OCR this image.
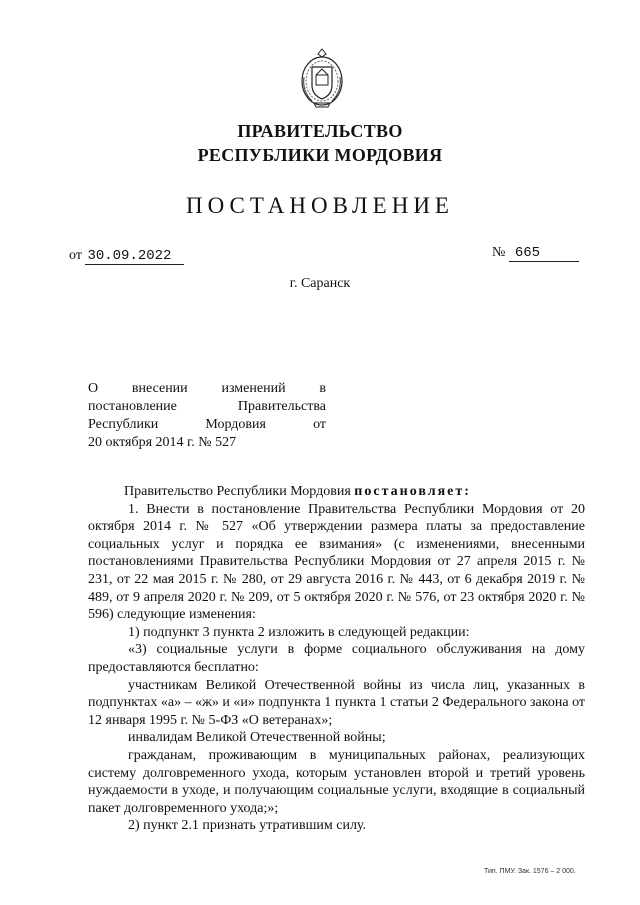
ПРАВИТЕЛЬСТВО
РЕСПУБЛИКИ МОРДОВИЯ
ПОСТАНОВЛЕНИЕ
от 30.09.2022	№ 665
г. Саранск
О внесении изменений в
постановление Правительства
Республики Мордовия от
20 октября 2014 г. № 527

Правительство Республики Мордовия постановляет:

1. Внести в постановление Правительства Республики Мордовия от 20 октября 2014 г. № 527 «Об утверждении размера платы за предоставление социальных услуг и порядка ее взимания» (с изменениями, внесенными постановлениями Правительства Республики Мордовия от 27 апреля 2015 г. № 231, от 22 мая 2015 г. № 280, от 29 августа 2016 г. № 443, от 6 декабря 2019 г. № 489, от 9 апреля 2020 г. № 209, от 5 октября 2020 г. № 576, от 23 октября 2020 г. № 596) следующие изменения:

1) подпункт 3 пункта 2 изложить в следующей редакции:

«3) социальные услуги в форме социального обслуживания на дому предоставляются бесплатно:

участникам Великой Отечественной войны из числа лиц, указанных в подпунктах «а» – «ж» и «и» подпункта 1 пункта 1 статьи 2 Федерального закона от 12 января 1995 г. № 5-ФЗ «О ветеранах»;

инвалидам Великой Отечественной войны;

гражданам, проживающим в муниципальных районах, реализующих систему долговременного ухода, которым установлен второй и третий уровень нуждаемости в уходе, и получающим социальные услуги, входящие в социальный пакет долговременного ухода;»;

2) пункт 2.1 признать утратившим силу.

Тип. ПМУ. Зак. 1576 – 2 000.
